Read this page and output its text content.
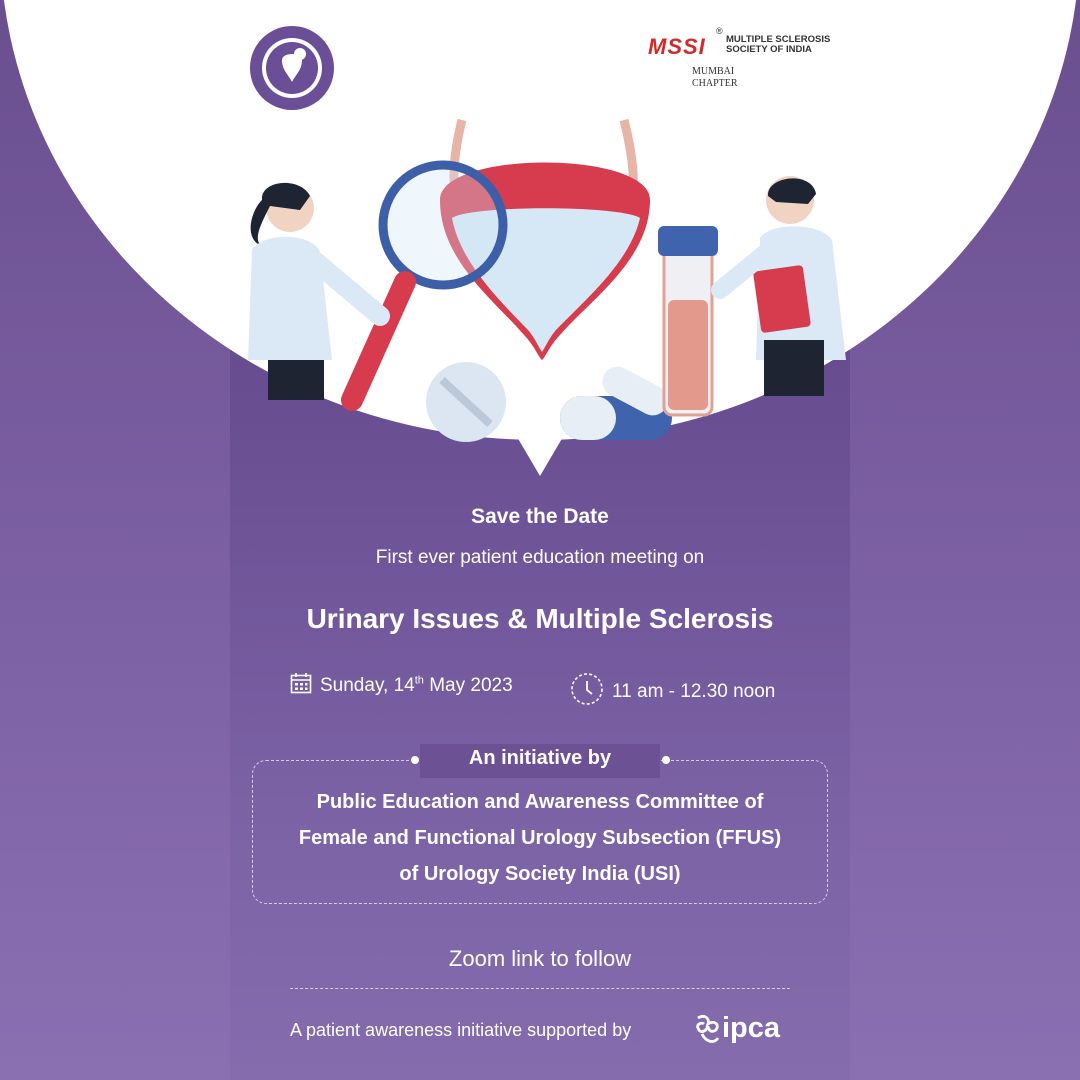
MSSI
®
MULTIPLE SCLEROSIS
SOCIETY OF INDIA
MUMBAI
CHAPTER
Save the Date
First ever patient education meeting on
Urinary Issues & Multiple Sclerosis
Sunday, 14th May 2023	11 am - 12.30 noon
An initiative by
Public Education and Awareness Committee of
Female and Functional Urology Subsection (FFUS)
of Urology Society India (USI)
Zoom link to follow
A patient awareness initiative supported by	ipca
